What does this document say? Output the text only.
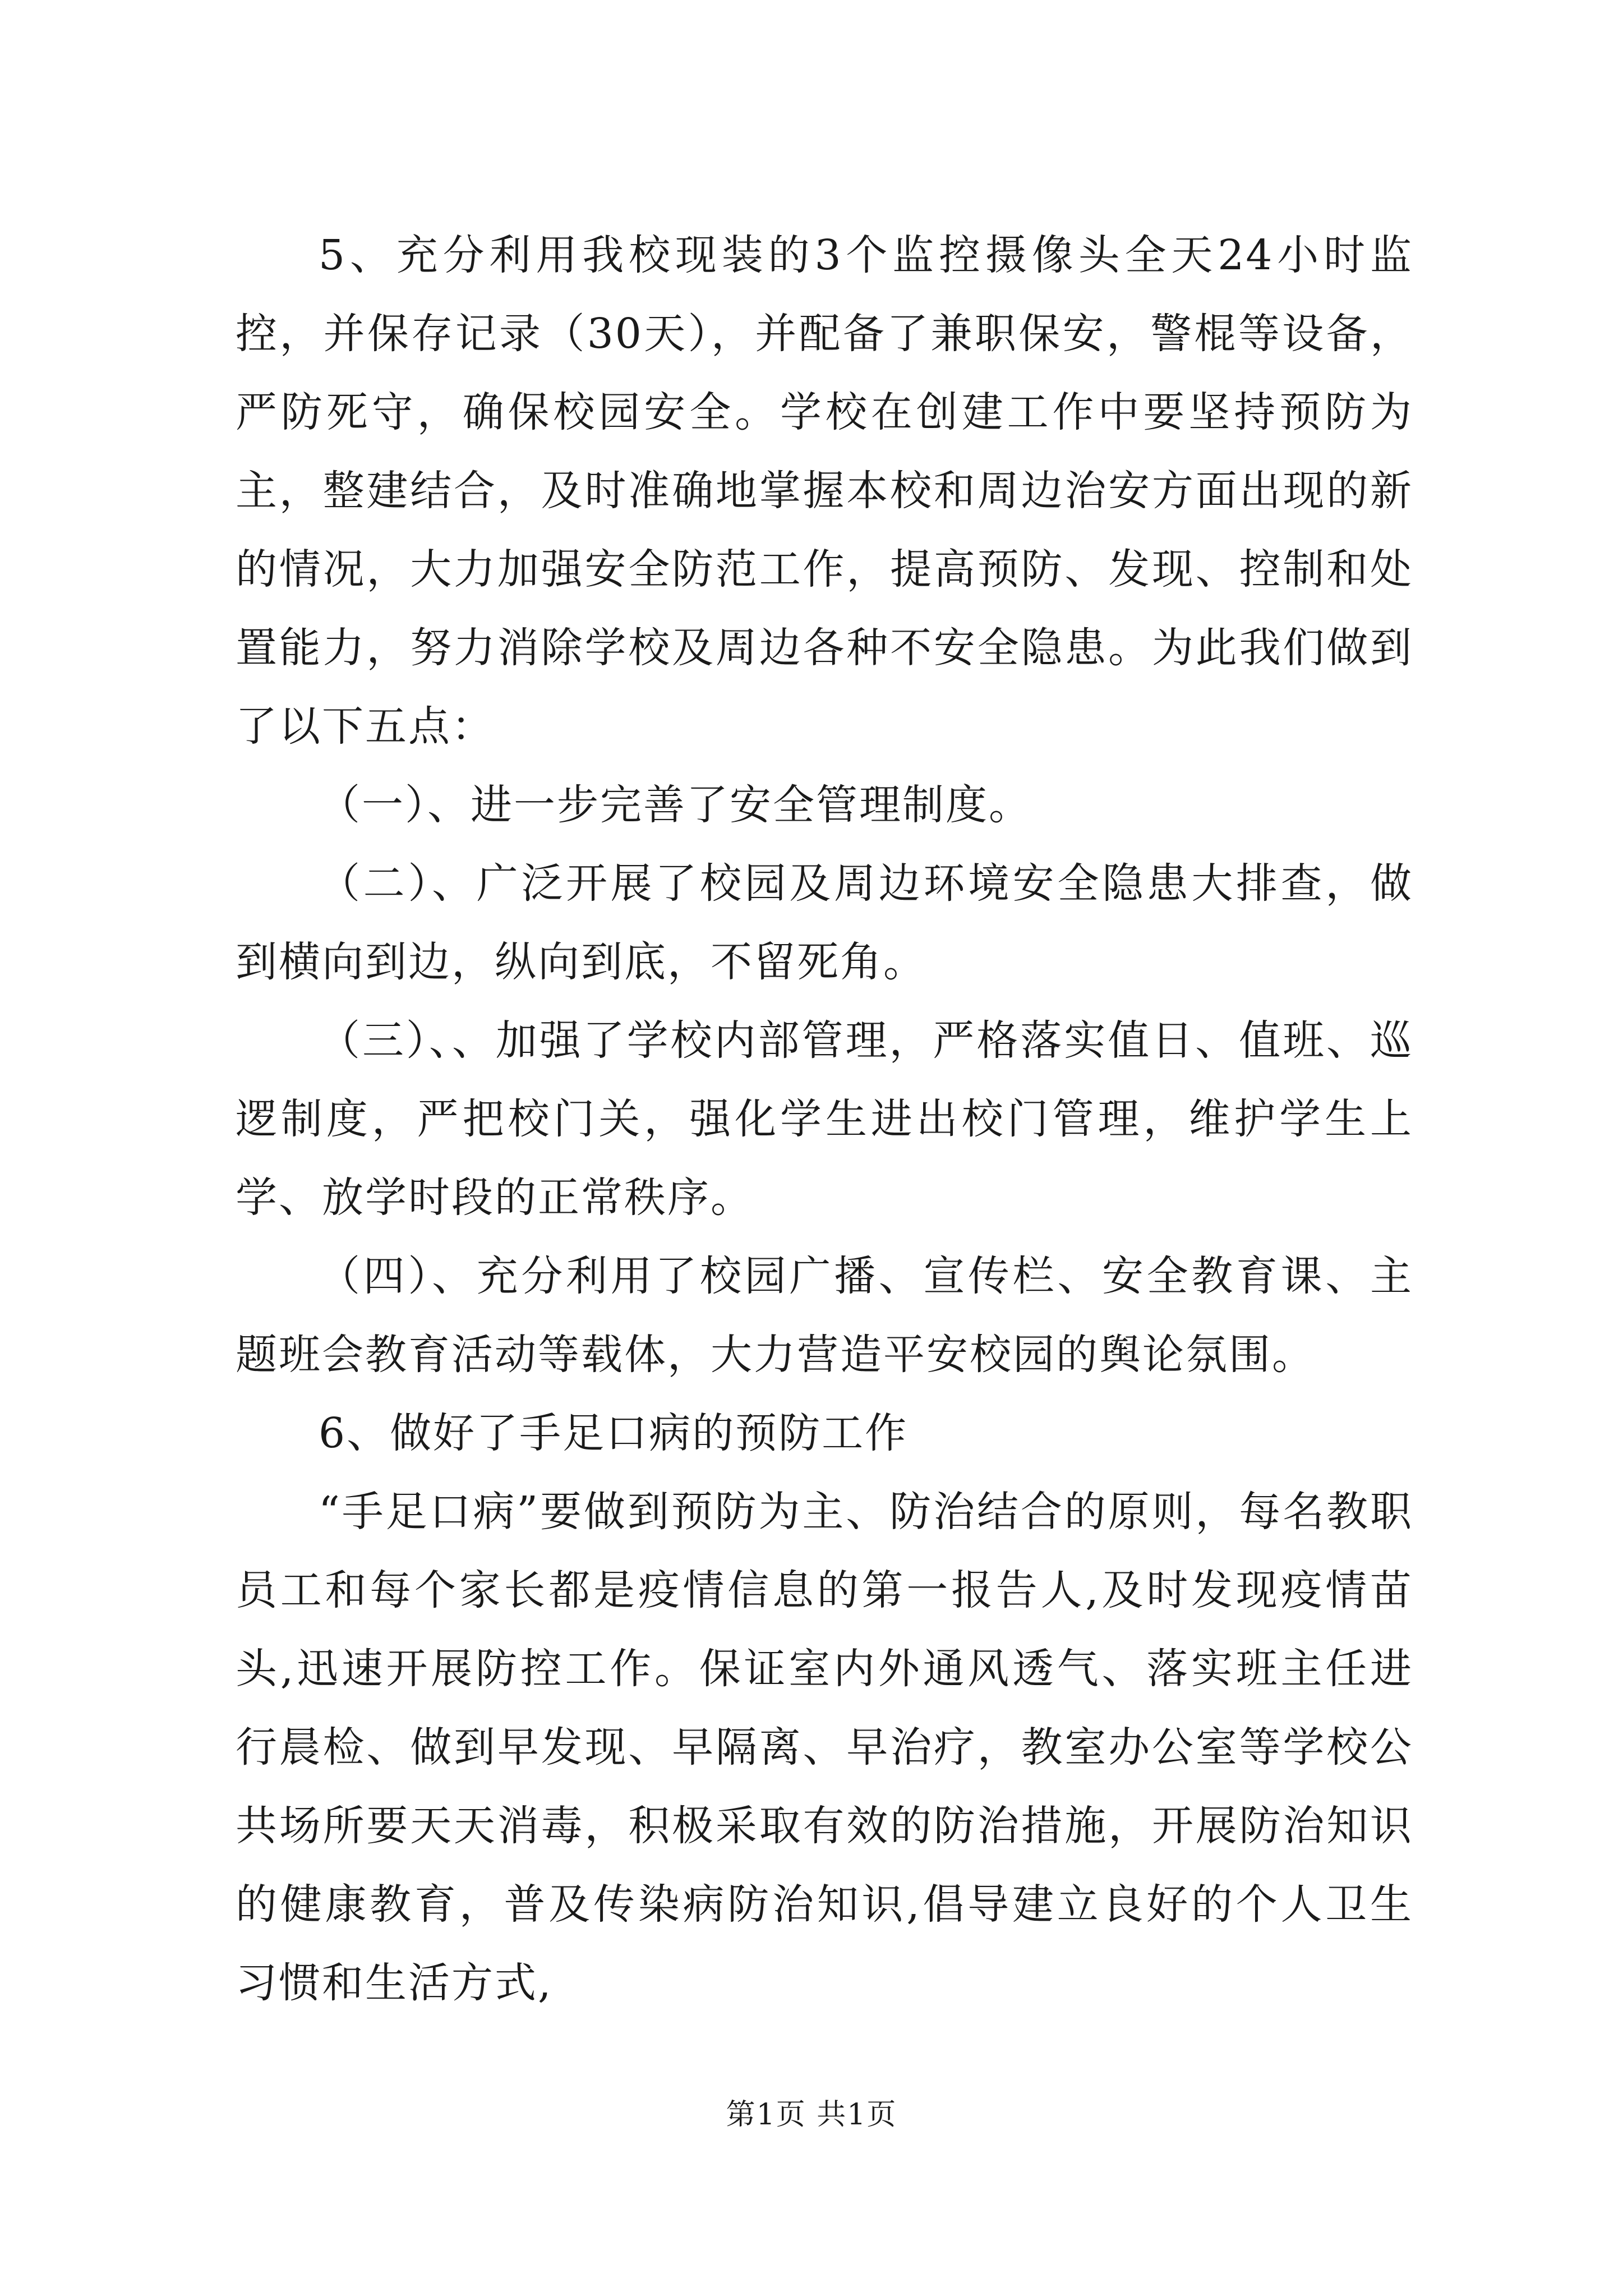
5、充分利用我校现装的3个监控摄像头全天24小时监控，并保存记录（30天），并配备了兼职保安，警棍等设备，严防死守，确保校园安全。学校在创建工作中要坚持预防为主，整建结合，及时准确地掌握本校和周边治安方面出现的新的情况，大力加强安全防范工作，提高预防、发现、控制和处置能力，努力消除学校及周边各种不安全隐患。为此我们做到了以下五点：

（一）、进一步完善了安全管理制度。

（二）、广泛开展了校园及周边环境安全隐患大排查，做到横向到边，纵向到底，不留死角。

（三）、、加强了学校内部管理，严格落实值日、值班、巡逻制度，严把校门关，强化学生进出校门管理，维护学生上学、放学时段的正常秩序。

（四）、充分利用了校园广播、宣传栏、安全教育课、主题班会教育活动等载体，大力营造平安校园的舆论氛围。

6、做好了手足口病的预防工作

“手足口病”要做到预防为主、防治结合的原则，每名教职员工和每个家长都是疫情信息的第一报告人,及时发现疫情苗头,迅速开展防控工作。保证室内外通风透气、落实班主任进行晨检、做到早发现、早隔离、早治疗，教室办公室等学校公共场所要天天消毒，积极采取有效的防治措施，开展防治知识的健康教育，普及传染病防治知识,倡导建立良好的个人卫生习惯和生活方式,

第1页 共1页
